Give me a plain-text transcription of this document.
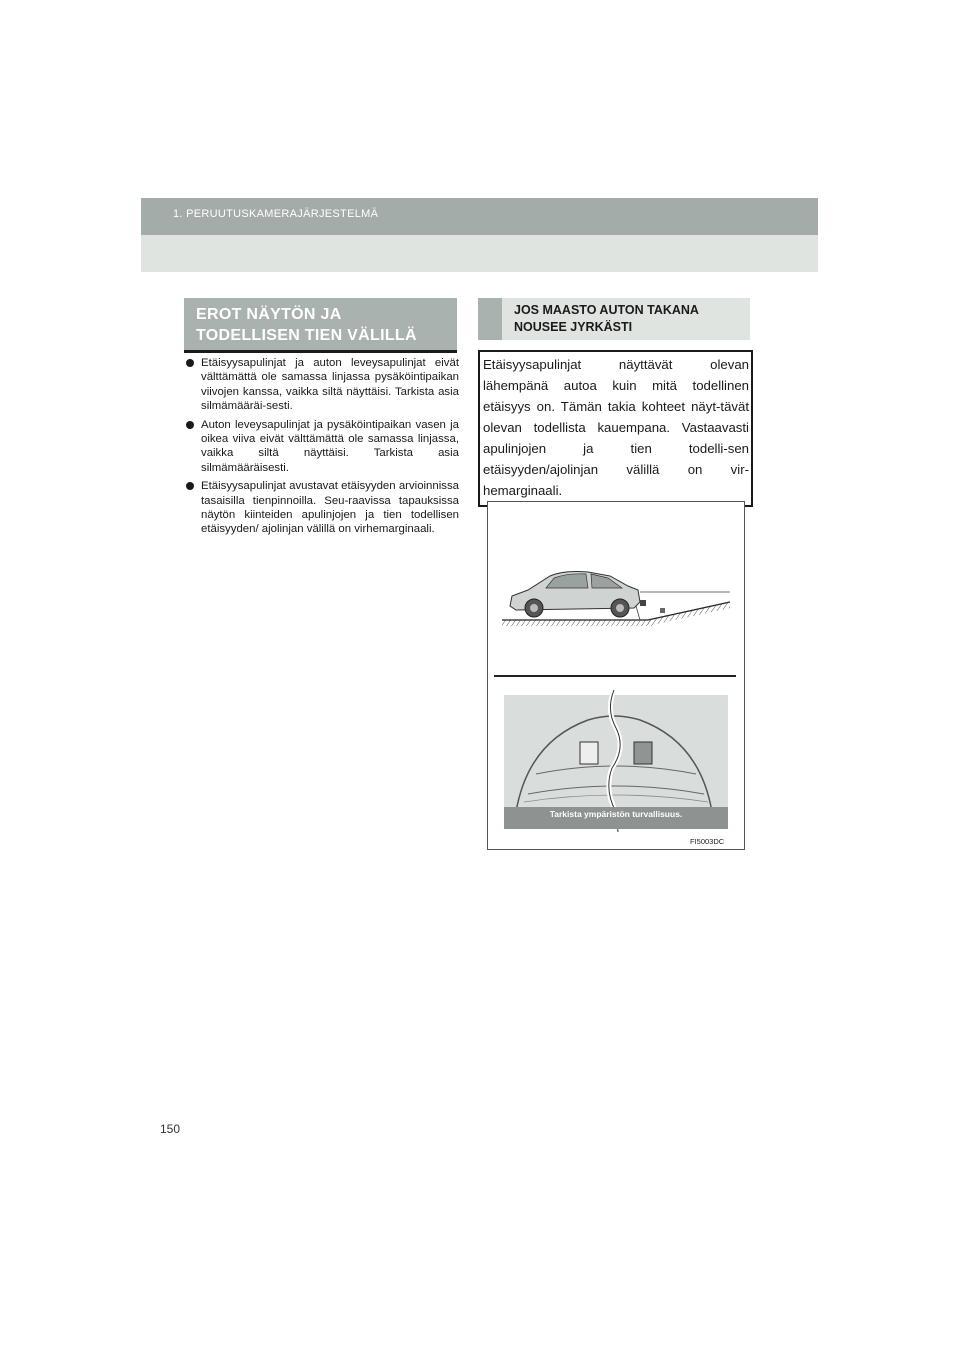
1. PERUUTUSKAMERAJÄRJESTELMÄ
EROT NÄYTÖN JA
TODELLISEN TIEN VÄLILLÄ
Etäisyysapulinjat ja auton leveysapulinjat eivät välttämättä ole samassa linjassa pysäköintipaikan viivojen kanssa, vaikka siltä näyttäisi. Tarkista asia silmämääräi-sesti.
Auton leveysapulinjat ja pysäköintipaikan vasen ja oikea viiva eivät välttämättä ole samassa linjassa, vaikka siltä näyttäisi. Tarkista asia silmämääräisesti.
Etäisyysapulinjat avustavat etäisyyden arvioinnissa tasaisilla tienpinnoilla. Seu-raavissa tapauksissa näytön kiinteiden apulinjojen ja tien todellisen etäisyyden/ ajolinjan välillä on virhemarginaali.
JOS MAASTO AUTON TAKANA
NOUSEE JYRKÄSTI

Etäisyysapulinjat näyttävät olevan lähempänä autoa kuin mitä todellinen etäisyys on. Tämän takia kohteet näyt-tävät olevan todellista kauempana. Vastaavasti apulinjojen ja tien todelli-sen etäisyyden/ajolinjan välillä on vir-hemarginaali.

Tarkista ympäristön turvallisuus.
FI5003DC
150
